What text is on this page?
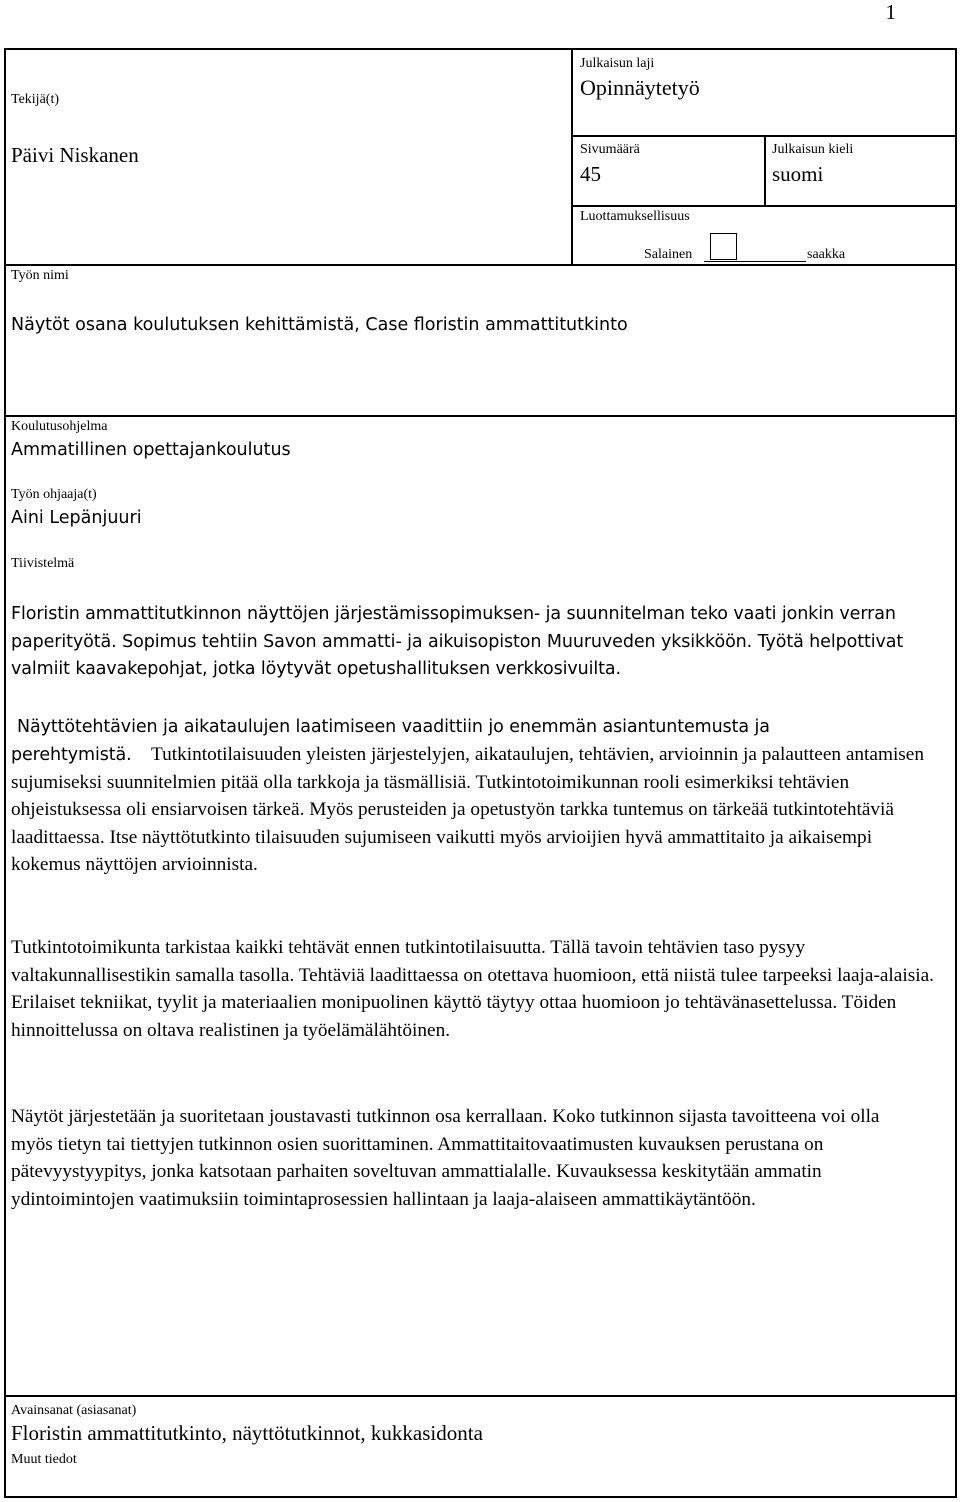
1
Tekijä(t)
Päivi Niskanen
Julkaisun laji
Opinnäytetyö
Sivumäärä
45
Julkaisun kieli
suomi
Luottamuksellisuus
Salainen	saakka
Työn nimi
Näytöt osana koulutuksen kehittämistä, Case floristin ammattitutkinto
Koulutusohjelma
Ammatillinen opettajankoulutus
Työn ohjaaja(t)
Aini Lepänjuuri
Tiivistelmä

Floristin ammattitutkinnon näyttöjen järjestämissopimuksen- ja suunnitelman teko vaati jonkin verran paperityötä. Sopimus tehtiin Savon ammatti- ja aikuisopiston Muuruveden yksikköön. Työtä helpottivat valmiit kaavakepohjat, jotka löytyvät opetushallituksen verkkosivuilta.

Näyttötehtävien ja aikataulujen laatimiseen vaadittiin jo enemmän asiantuntemusta ja perehtymistä.	Tutkintotilaisuuden yleisten järjestelyjen, aikataulujen, tehtävien, arvioinnin ja palautteen antamisen sujumiseksi suunnitelmien pitää olla tarkkoja ja täsmällisiä. Tutkintotoimikunnan rooli esimerkiksi tehtävien ohjeistuksessa oli ensiarvoisen tärkeä. Myös perusteiden ja opetustyön tarkka tuntemus on tärkeää tutkintotehtäviä laadittaessa. Itse näyttötutkinto tilaisuuden sujumiseen vaikutti myös arvioijien hyvä ammattitaito ja aikaisempi kokemus näyttöjen arvioinnista.

Tutkintotoimikunta tarkistaa kaikki tehtävät ennen tutkintotilaisuutta. Tällä tavoin tehtävien taso pysyy valtakunnallisestikin samalla tasolla. Tehtäviä laadittaessa on otettava huomioon, että niistä tulee tarpeeksi laaja-alaisia. Erilaiset tekniikat, tyylit ja materiaalien monipuolinen käyttö täytyy ottaa huomioon jo tehtävänasettelussa. Töiden hinnoittelussa on oltava realistinen ja työelämälähtöinen.

Näytöt järjestetään ja suoritetaan joustavasti tutkinnon osa kerrallaan. Koko tutkinnon sijasta tavoitteena voi olla myös tietyn tai tiettyjen tutkinnon osien suorittaminen. Ammattitaitovaatimusten kuvauksen perustana on pätevyystyypitys, jonka katsotaan parhaiten soveltuvan ammattialalle. Kuvauksessa keskitytään ammatin ydintoimintojen vaatimuksiin toimintaprosessien hallintaan ja laaja-alaiseen ammattikäytäntöön.

Avainsanat (asiasanat)
Floristin ammattitutkinto, näyttötutkinnot, kukkasidonta
Muut tiedot
